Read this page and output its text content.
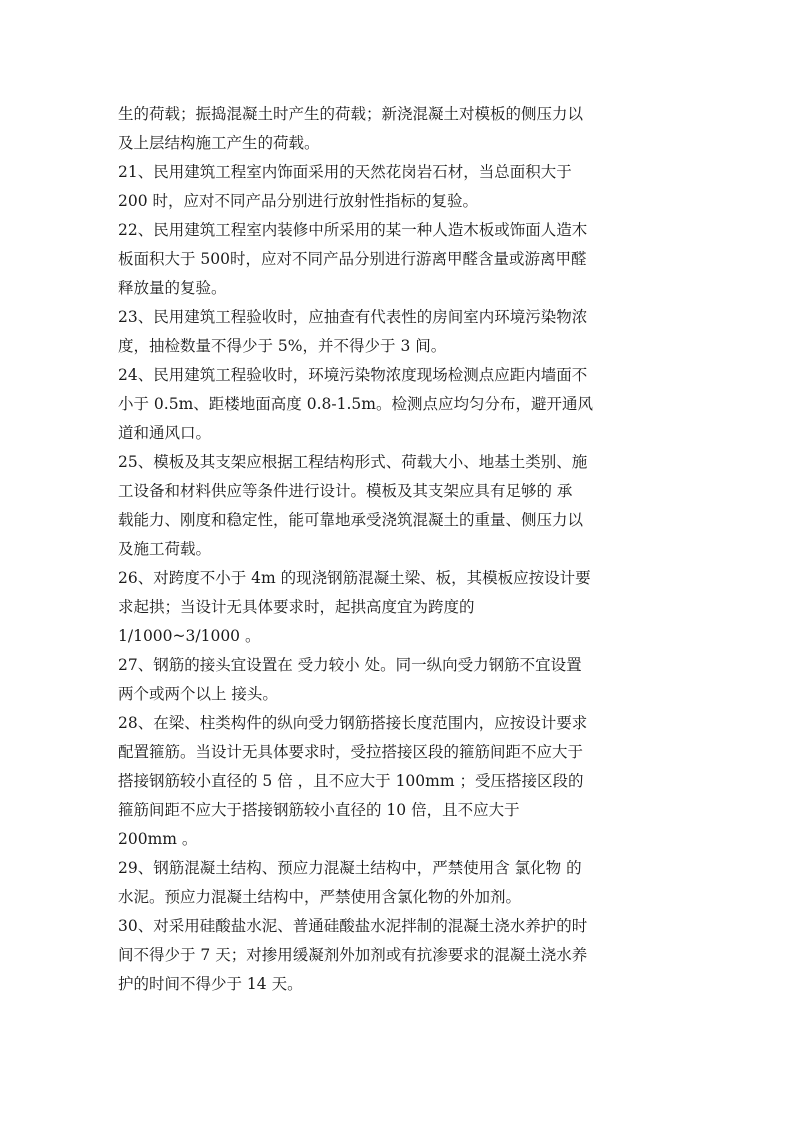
生的荷载；振捣混凝土时产生的荷载；新浇混凝土对模板的侧压力以
及上层结构施工产生的荷载。
21、民用建筑工程室内饰面采用的天然花岗岩石材，当总面积大于
200 时，应对不同产品分别进行放射性指标的复验。
22、民用建筑工程室内装修中所采用的某一种人造木板或饰面人造木
板面积大于 500时，应对不同产品分别进行游离甲醛含量或游离甲醛
释放量的复验。
23、民用建筑工程验收时，应抽查有代表性的房间室内环境污染物浓
度，抽检数量不得少于 5%，并不得少于 3 间。
24、民用建筑工程验收时，环境污染物浓度现场检测点应距内墙面不
小于 0.5m、距楼地面高度 0.8-1.5m。检测点应均匀分布，避开通风
道和通风口。
25、模板及其支架应根据工程结构形式、荷载大小、地基土类别、施
工设备和材料供应等条件进行设计。模板及其支架应具有足够的 承
载能力、刚度和稳定性，能可靠地承受浇筑混凝土的重量、侧压力以
及施工荷载。
26、对跨度不小于 4m 的现浇钢筋混凝土梁、板，其模板应按设计要
求起拱；当设计无具体要求时，起拱高度宜为跨度的
1/1000~3/1000 。
27、钢筋的接头宜设置在 受力较小 处。同一纵向受力钢筋不宜设置
两个或两个以上 接头。
28、在梁、柱类构件的纵向受力钢筋搭接长度范围内，应按设计要求
配置箍筋。当设计无具体要求时，受拉搭接区段的箍筋间距不应大于
搭接钢筋较小直径的 5 倍 ，且不应大于 100mm ；受压搭接区段的
箍筋间距不应大于搭接钢筋较小直径的 10 倍，且不应大于
200mm 。
29、钢筋混凝土结构、预应力混凝土结构中，严禁使用含 氯化物 的
水泥。预应力混凝土结构中，严禁使用含氯化物的外加剂。
30、对采用硅酸盐水泥、普通硅酸盐水泥拌制的混凝土浇水养护的时
间不得少于 7 天；对掺用缓凝剂外加剂或有抗渗要求的混凝土浇水养
护的时间不得少于 14 天。
